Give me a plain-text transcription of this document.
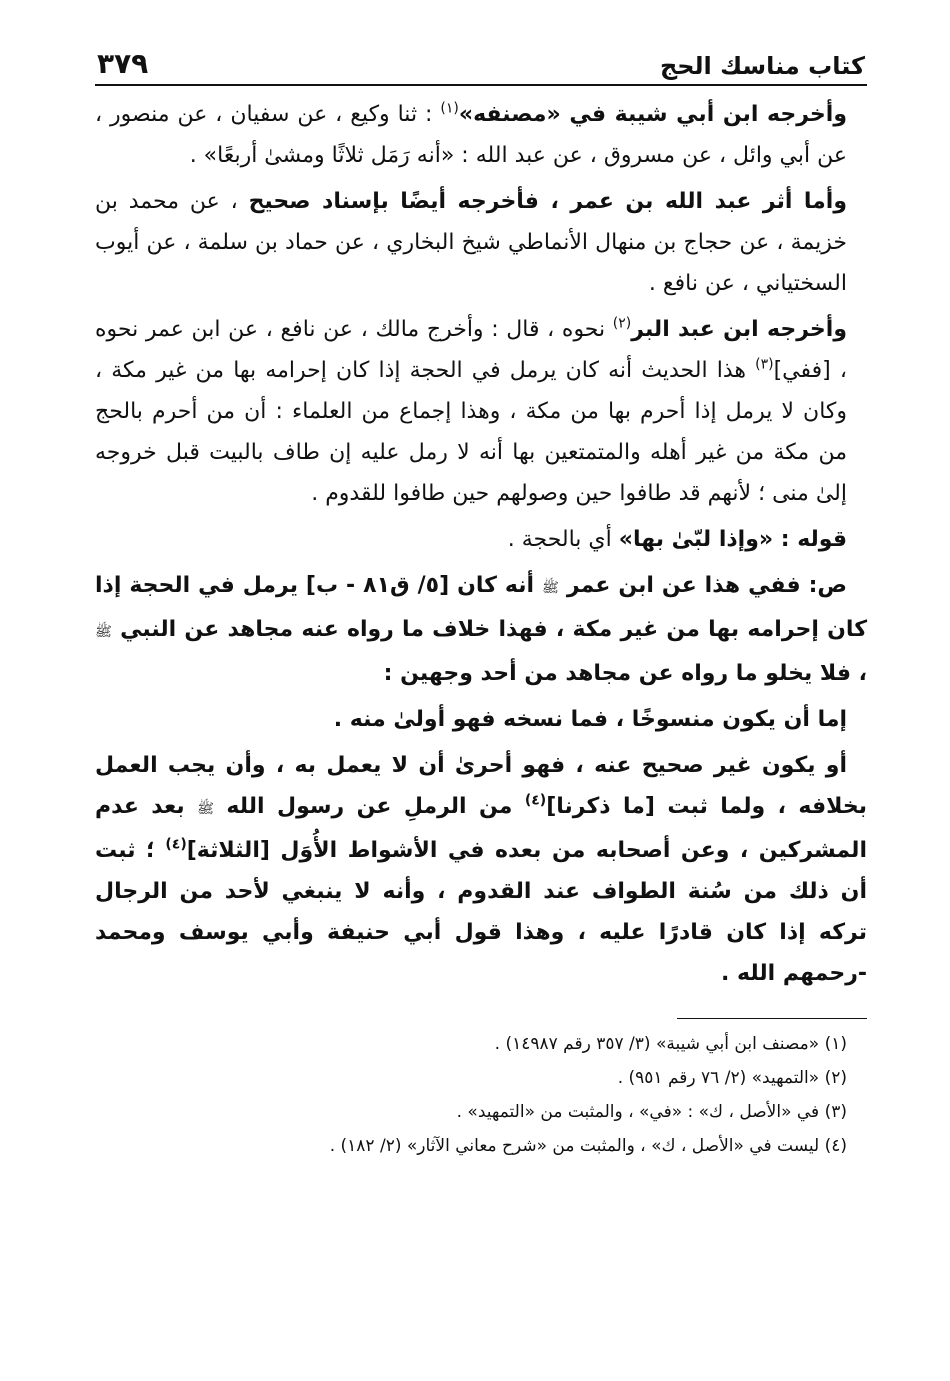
كتاب مناسك الحج
٣٧٩

وأخرجه ابن أبي شيبة في «مصنفه»$^{(١)}$ : ثنا وكيع ، عن سفيان ، عن منصور ، عن أبي وائل ، عن مسروق ، عن عبد الله : «أنه رَمَل ثلاثًا ومشىٰ أربعًا» .

وأما أثر عبد الله بن عمر ، فأخرجه أيضًا بإسناد صحيح ، عن محمد بن خزيمة ، عن حجاج بن منهال الأنماطي شيخ البخاري ، عن حماد بن سلمة ، عن أيوب السختياني ، عن نافع .

وأخرجه ابن عبد البر$^{(٢)}$ نحوه ، قال : وأخرج مالك ، عن نافع ، عن ابن عمر نحوه ، [ففي]$^{(٣)}$ هذا الحديث أنه كان يرمل في الحجة إذا كان إحرامه بها من غير مكة ، وكان لا يرمل إذا أحرم بها من مكة ، وهذا إجماع من العلماء : أن من أحرم بالحج من مكة من غير أهله والمتمتعين بها أنه لا رمل عليه إن طاف بالبيت قبل خروجه إلىٰ منى ؛ لأنهم قد طافوا حين وصولهم حين طافوا للقدوم .

قوله : «وإذا لبّىٰ بها» أي بالحجة .

ص: ففي هذا عن ابن عمر ﷺ أنه كان [٥/ ق٨١ - ب] يرمل في الحجة إذا كان إحرامه بها من غير مكة ، فهذا خلاف ما رواه عنه مجاهد عن النبي ﷺ ، فلا يخلو ما رواه عن مجاهد من أحد وجهين :

إما أن يكون منسوخًا ، فما نسخه فهو أولىٰ منه .

أو يكون غير صحيح عنه ، فهو أحرىٰ أن لا يعمل به ، وأن يجب العمل بخلافه ، ولما ثبت [ما ذكرنا]$^{(٤)}$ من الرملِ عن رسول الله ﷺ بعد عدم المشركين ، وعن أصحابه من بعده في الأشواط الأُوَل [الثلاثة]$^{(٤)}$ ؛ ثبت أن ذلك من سُنة الطواف عند القدوم ، وأنه لا ينبغي لأحد من الرجال تركه إذا كان قادرًا عليه ، وهذا قول أبي حنيفة وأبي يوسف ومحمد -رحمهم الله .

(١) «مصنف ابن أبي شيبة» (٣/ ٣٥٧ رقم ١٤٩٨٧) .

(٢) «التمهيد» (٢/ ٧٦ رقم ٩٥١) .

(٣) في «الأصل ، ك» : «في» ، والمثبت من «التمهيد» .

(٤) ليست في «الأصل ، ك» ، والمثبت من «شرح معاني الآثار» (٢/ ١٨٢) .
